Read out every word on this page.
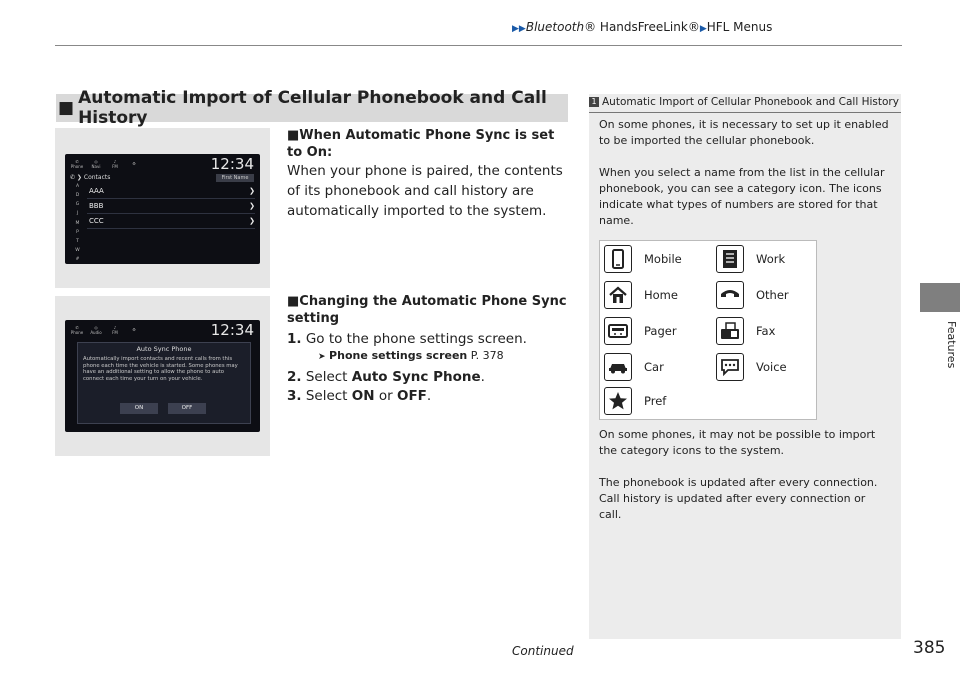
▶▶Bluetooth® HandsFreeLink®▶HFL Menus
Features
■ Automatic Import of Cellular Phonebook and Call History
✆
Phone
◎
Navi
♪
FM	⚙	12:34
✆ ❯ Contacts	First Name
A
D
G
J
M
P
T
W
#
AAA	❯
BBB	❯
CCC	❯
✆
Phone
◎
Audio
♪
FM	⚙	12:34
Auto Sync Phone
Automatically import contacts and recent calls from this phone each time the vehicle is started. Some phones may have an additional setting to allow the phone to auto connect each time your turn on your vehicle.
ON	OFF
■When Automatic Phone Sync is set to On:
When your phone is paired, the contents of its phonebook and call history are automatically imported to the system.
■Changing the Automatic Phone Sync setting
1. Go to the phone settings screen.
➤ Phone settings screen P. 378
2. Select Auto Sync Phone.
3. Select ON or OFF.
1 Automatic Import of Cellular Phonebook and Call History
On some phones, it is necessary to set up it enabled to be imported the cellular phonebook.
When you select a name from the list in the cellular phonebook, you can see a category icon. The icons indicate what types of numbers are stored for that name.
Mobile	Work
Home	Other
Pager	Fax
Car	Voice
Pref
On some phones, it may not be possible to import the category icons to the system.
The phonebook is updated after every connection. Call history is updated after every connection or call.
Continued	385
